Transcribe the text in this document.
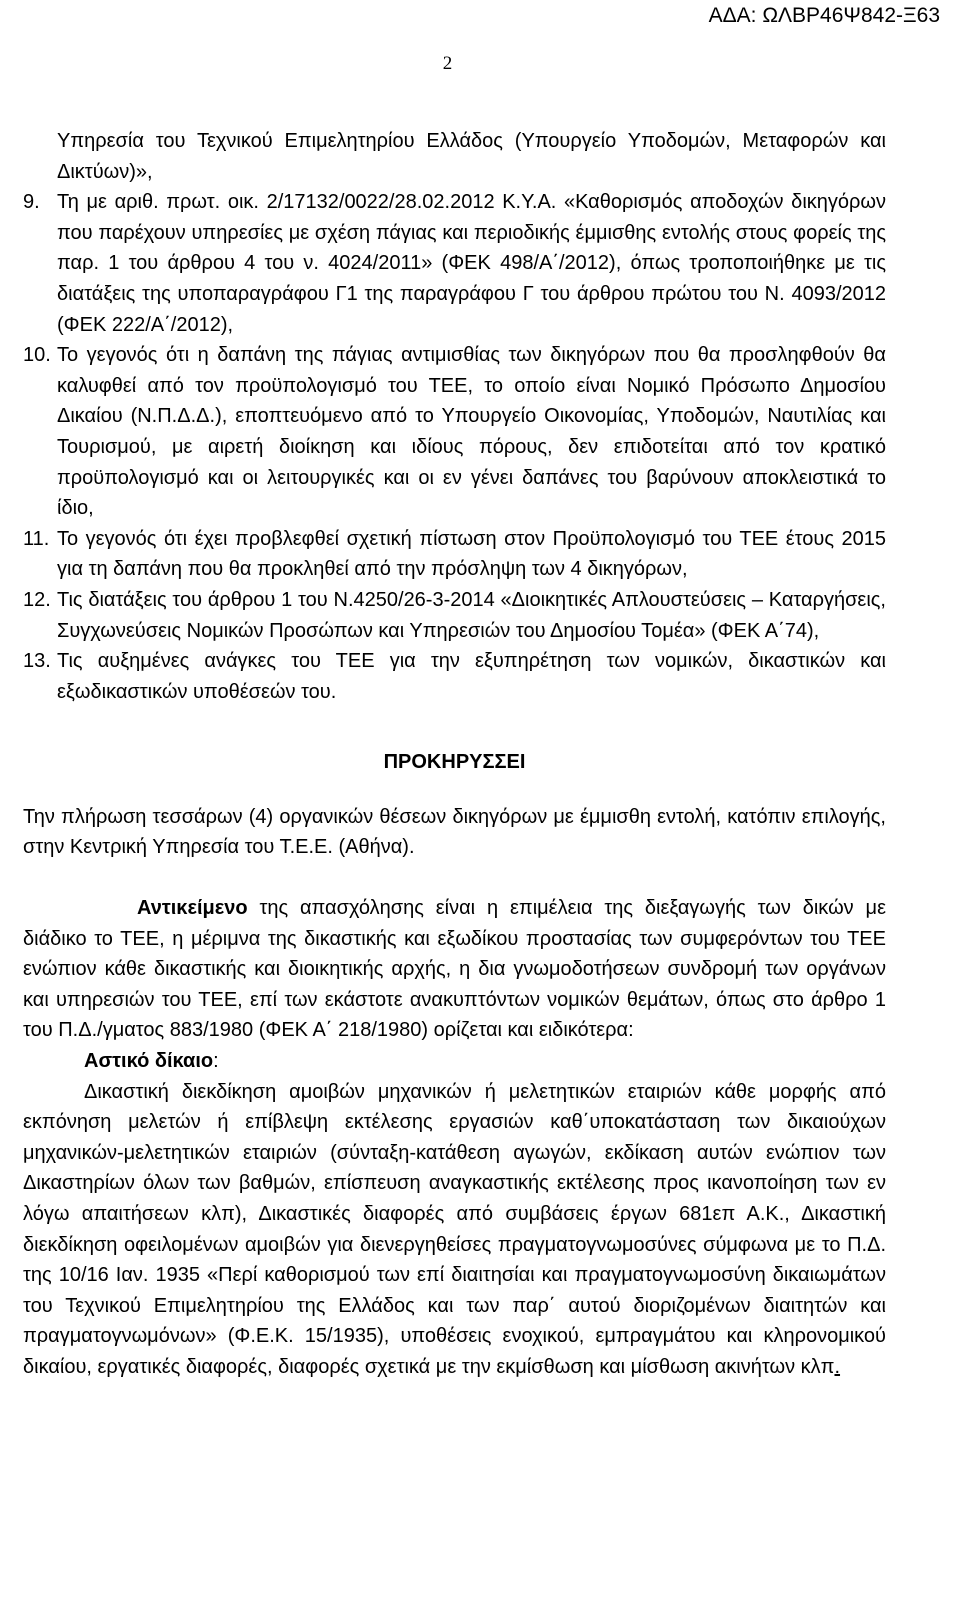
ΑΔΑ: ΩΛΒΡ46Ψ842-Ξ63
2
Υπηρεσία του Τεχνικού Επιμελητηρίου Ελλάδος (Υπουργείο Υποδομών, Μεταφορών και Δικτύων)»,
9. Τη με αριθ. πρωτ. οικ. 2/17132/0022/28.02.2012 Κ.Υ.Α. «Καθορισμός αποδοχών δικηγόρων που παρέχουν υπηρεσίες με σχέση πάγιας και περιοδικής έμμισθης εντολής στους φορείς της παρ. 1 του άρθρου 4 του ν. 4024/2011» (ΦΕΚ 498/Α΄/2012), όπως τροποποιήθηκε με τις διατάξεις της υποπαραγράφου Γ1 της παραγράφου Γ του άρθρου πρώτου του Ν. 4093/2012 (ΦΕΚ 222/Α΄/2012),
10. Το γεγονός ότι η δαπάνη της πάγιας αντιμισθίας των δικηγόρων που θα προσληφθούν θα καλυφθεί από τον προϋπολογισμό του ΤΕΕ, το οποίο είναι Νομικό Πρόσωπο Δημοσίου Δικαίου (Ν.Π.Δ.Δ.), εποπτευόμενο από το Υπουργείο Οικονομίας, Υποδομών, Ναυτιλίας και Τουρισμού, με αιρετή διοίκηση και ιδίους πόρους, δεν επιδοτείται από τον κρατικό προϋπολογισμό και οι λειτουργικές και οι εν γένει δαπάνες του βαρύνουν αποκλειστικά το ίδιο,
11. Το γεγονός ότι έχει προβλεφθεί σχετική πίστωση στον Προϋπολογισμό του ΤΕΕ έτους 2015 για τη δαπάνη που θα προκληθεί από την πρόσληψη των 4 δικηγόρων,
12. Τις διατάξεις του άρθρου 1 του Ν.4250/26-3-2014 «Διοικητικές Απλουστεύσεις – Καταργήσεις, Συγχωνεύσεις Νομικών Προσώπων και Υπηρεσιών του Δημοσίου Τομέα» (ΦΕΚ Α΄74),
13. Τις αυξημένες ανάγκες του ΤΕΕ για την εξυπηρέτηση των νομικών, δικαστικών και εξωδικαστικών υποθέσεών του.
ΠΡΟΚΗΡΥΣΣΕΙ
Την πλήρωση τεσσάρων (4) οργανικών θέσεων δικηγόρων με έμμισθη εντολή, κατόπιν επιλογής, στην Κεντρική Υπηρεσία του Τ.Ε.Ε. (Αθήνα).
Αντικείμενο της απασχόλησης είναι η επιμέλεια της διεξαγωγής των δικών με διάδικο το ΤΕΕ, η μέριμνα της δικαστικής και εξωδίκου προστασίας των συμφερόντων του ΤΕΕ ενώπιον κάθε δικαστικής και διοικητικής αρχής, η δια γνωμοδοτήσεων συνδρομή των οργάνων και υπηρεσιών του ΤΕΕ, επί των εκάστοτε ανακυπτόντων νομικών θεμάτων, όπως στο άρθρο 1 του Π.Δ./γματος 883/1980 (ΦΕΚ Α΄ 218/1980) ορίζεται και ειδικότερα:
Αστικό δίκαιο:
Δικαστική διεκδίκηση αμοιβών μηχανικών ή μελετητικών εταιριών κάθε μορφής από εκπόνηση μελετών ή επίβλεψη εκτέλεσης εργασιών καθ΄υποκατάσταση των δικαιούχων μηχανικών-μελετητικών εταιριών (σύνταξη-κατάθεση αγωγών, εκδίκαση αυτών ενώπιον των Δικαστηρίων όλων των βαθμών, επίσπευση αναγκαστικής εκτέλεσης προς ικανοποίηση των εν λόγω απαιτήσεων κλπ), Δικαστικές διαφορές από συμβάσεις έργων 681επ Α.Κ., Δικαστική διεκδίκηση οφειλομένων αμοιβών για διενεργηθείσες πραγματογνωμοσύνες σύμφωνα με το Π.Δ. της 10/16 Ιαν. 1935 «Περί καθορισμού των επί διαιτησίαι και πραγματογνωμοσύνη δικαιωμάτων του Τεχνικού Επιμελητηρίου της Ελλάδος και των παρ΄ αυτού διοριζομένων διαιτητών και πραγματογνωμόνων» (Φ.Ε.Κ. 15/1935), υποθέσεις ενοχικού, εμπραγμάτου και κληρονομικού δικαίου, εργατικές διαφορές, διαφορές σχετικά με την εκμίσθωση και μίσθωση ακινήτων κλπ.
